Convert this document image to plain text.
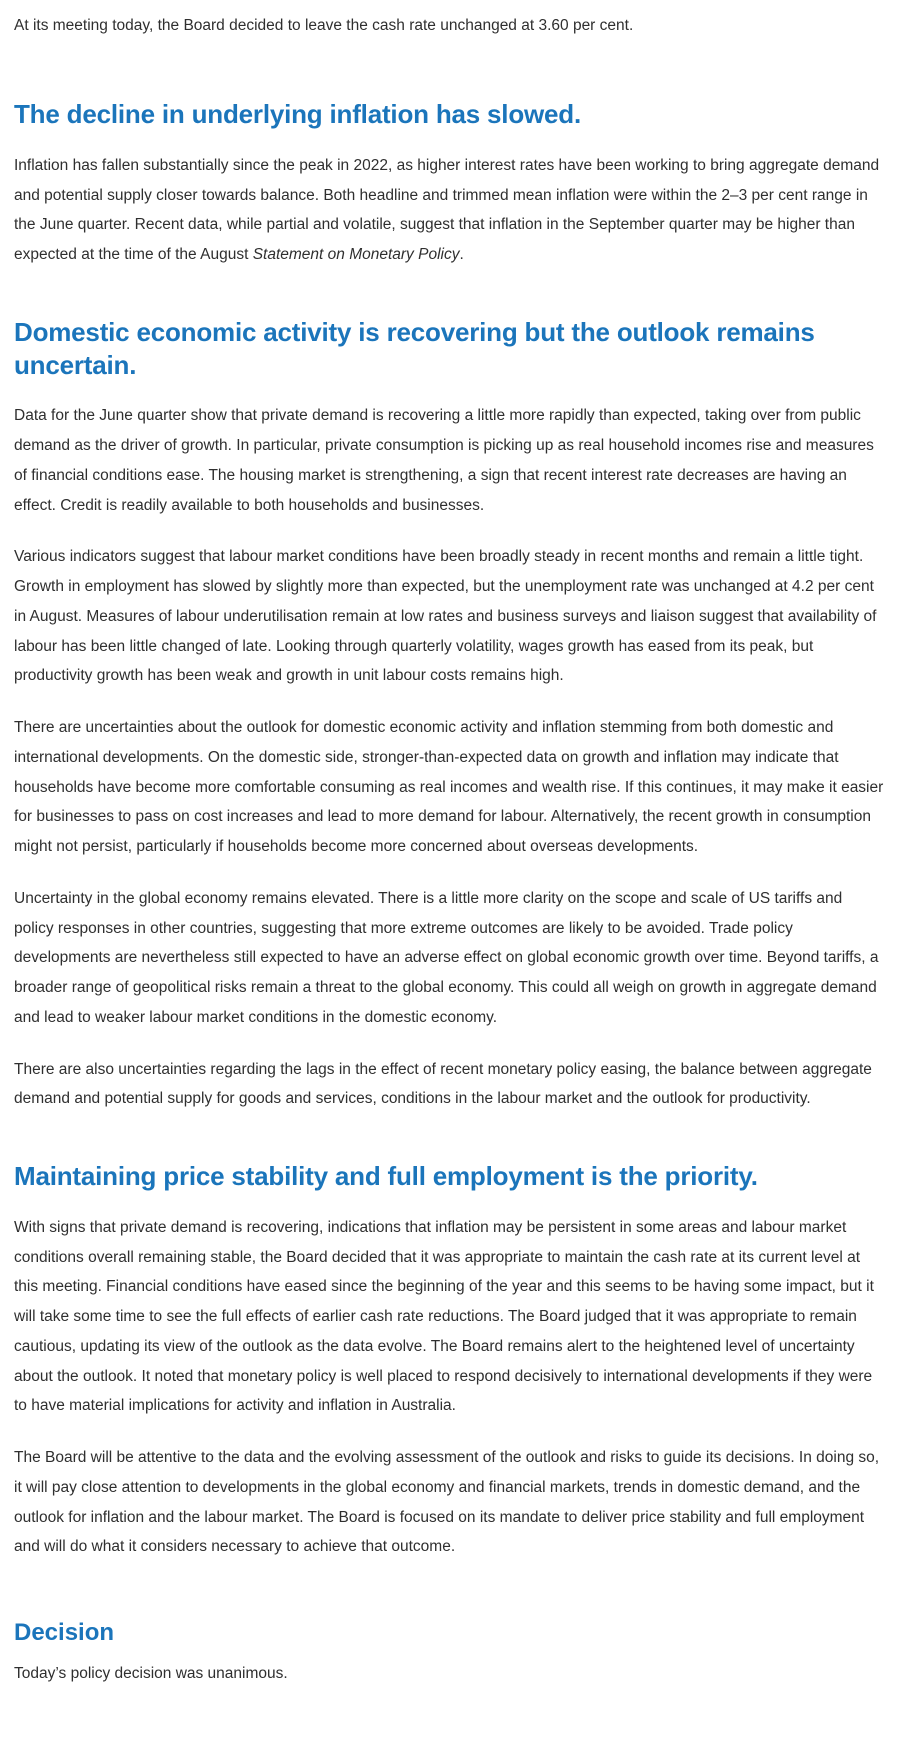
At its meeting today, the Board decided to leave the cash rate unchanged at 3.60 per cent.

The decline in underlying inflation has slowed.

Inflation has fallen substantially since the peak in 2022, as higher interest rates have been working to bring aggregate demand and potential supply closer towards balance. Both headline and trimmed mean inflation were within the 2–3 per cent range in the June quarter. Recent data, while partial and volatile, suggest that inflation in the September quarter may be higher than expected at the time of the August Statement on Monetary Policy.

Domestic economic activity is recovering but the outlook remains uncertain.

Data for the June quarter show that private demand is recovering a little more rapidly than expected, taking over from public demand as the driver of growth. In particular, private consumption is picking up as real household incomes rise and measures of financial conditions ease. The housing market is strengthening, a sign that recent interest rate decreases are having an effect. Credit is readily available to both households and businesses.

Various indicators suggest that labour market conditions have been broadly steady in recent months and remain a little tight. Growth in employment has slowed by slightly more than expected, but the unemployment rate was unchanged at 4.2 per cent in August. Measures of labour underutilisation remain at low rates and business surveys and liaison suggest that availability of labour has been little changed of late. Looking through quarterly volatility, wages growth has eased from its peak, but productivity growth has been weak and growth in unit labour costs remains high.

There are uncertainties about the outlook for domestic economic activity and inflation stemming from both domestic and international developments. On the domestic side, stronger-than-expected data on growth and inflation may indicate that households have become more comfortable consuming as real incomes and wealth rise. If this continues, it may make it easier for businesses to pass on cost increases and lead to more demand for labour. Alternatively, the recent growth in consumption might not persist, particularly if households become more concerned about overseas developments.

Uncertainty in the global economy remains elevated. There is a little more clarity on the scope and scale of US tariffs and policy responses in other countries, suggesting that more extreme outcomes are likely to be avoided. Trade policy developments are nevertheless still expected to have an adverse effect on global economic growth over time. Beyond tariffs, a broader range of geopolitical risks remain a threat to the global economy. This could all weigh on growth in aggregate demand and lead to weaker labour market conditions in the domestic economy.

There are also uncertainties regarding the lags in the effect of recent monetary policy easing, the balance between aggregate demand and potential supply for goods and services, conditions in the labour market and the outlook for productivity.

Maintaining price stability and full employment is the priority.

With signs that private demand is recovering, indications that inflation may be persistent in some areas and labour market conditions overall remaining stable, the Board decided that it was appropriate to maintain the cash rate at its current level at this meeting. Financial conditions have eased since the beginning of the year and this seems to be having some impact, but it will take some time to see the full effects of earlier cash rate reductions. The Board judged that it was appropriate to remain cautious, updating its view of the outlook as the data evolve. The Board remains alert to the heightened level of uncertainty about the outlook. It noted that monetary policy is well placed to respond decisively to international developments if they were to have material implications for activity and inflation in Australia.

The Board will be attentive to the data and the evolving assessment of the outlook and risks to guide its decisions. In doing so, it will pay close attention to developments in the global economy and financial markets, trends in domestic demand, and the outlook for inflation and the labour market. The Board is focused on its mandate to deliver price stability and full employment and will do what it considers necessary to achieve that outcome.

Decision

Today’s policy decision was unanimous.
